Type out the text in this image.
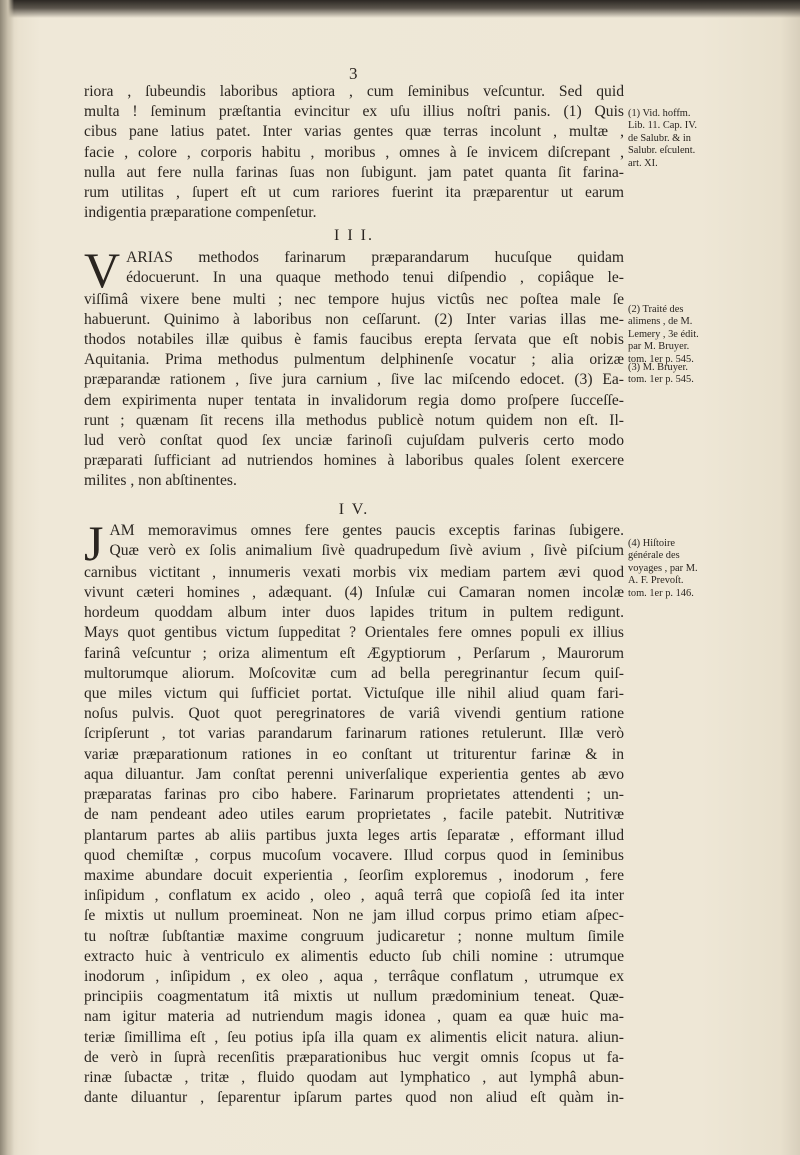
3

riora , ſubeundis laboribus aptiora , cum ſeminibus veſcuntur. Sed quid
multa ! ſeminum præſtantia evincitur ex uſu illius noſtri panis. (1) Quis
cibus pane latius patet. Inter varias gentes quæ terras incolunt , multæ ,
facie , colore , corporis habitu , moribus , omnes à ſe invicem diſcrepant ,
nulla aut fere nulla farinas ſuas non ſubigunt. jam patet quanta ſit farina-
rum utilitas , ſupert eſt ut cum rariores fuerint ita præparentur ut earum
indigentia præparatione compenſetur.

I I I.
V ARIAS methodos farinarum præparandarum hucuſque quidam
édocuerunt. In una quaque methodo tenui diſpendio , copiâque le-
viſſimâ vixere bene multi ; nec tempore hujus victûs nec poſtea male ſe
habuerunt. Quinimo à laboribus non ceſſarunt. (2) Inter varias illas me-
thodos notabiles illæ quibus è famis faucibus erepta ſervata que eſt nobis
Aquitania. Prima methodus pulmentum delphinenſe vocatur ; alia orizæ
præparandæ rationem , ſive jura carnium , ſive lac miſcendo edocet. (3) Ea-
dem expirimenta nuper tentata in invalidorum regia domo proſpere ſucceſſe-
runt ; quænam ſit recens illa methodus publicè notum quidem non eſt. Il-
lud verò conſtat quod ſex unciæ farinoſi cujuſdam pulveris certo modo
præparati ſufficiant ad nutriendos homines à laboribus quales ſolent exercere
milites , non abſtinentes.
I V.
J AM memoravimus omnes fere gentes paucis exceptis farinas ſubigere.
Quæ verò ex ſolis animalium ſivè quadrupedum ſivè avium , ſivè piſcium
carnibus victitant , innumeris vexati morbis vix mediam partem ævi quod
vivunt cæteri homines , adæquant. (4) Inſulæ cui Camaran nomen incolæ
hordeum quoddam album inter duos lapides tritum in pultem redigunt.
Mays quot gentibus victum ſuppeditat ? Orientales fere omnes populi ex illius
farinâ veſcuntur ; oriza alimentum eſt Ægyptiorum , Perſarum , Maurorum
multorumque aliorum. Moſcovitæ cum ad bella peregrinantur ſecum quiſ-
que miles victum qui ſufficiet portat. Victuſque ille nihil aliud quam fari-
noſus pulvis. Quot quot peregrinatores de variâ vivendi gentium ratione
ſcripſerunt , tot varias parandarum farinarum rationes retulerunt. Illæ verò
variæ præparationum rationes in eo conſtant ut triturentur farinæ & in
aqua diluantur. Jam conſtat perenni univerſalique experientia gentes ab ævo
præparatas farinas pro cibo habere. Farinarum proprietates attendenti ; un-
de nam pendeant adeo utiles earum proprietates , facile patebit. Nutritivæ
plantarum partes ab aliis partibus juxta leges artis ſeparatæ , efformant illud
quod chemiſtæ , corpus mucoſum vocavere. Illud corpus quod in ſeminibus
maxime abundare docuit experientia , ſeorſim exploremus , inodorum , fere
inſipidum , conflatum ex acido , oleo , aquâ terrâ que copioſâ ſed ita inter
ſe mixtis ut nullum proemineat. Non ne jam illud corpus primo etiam aſpec-
tu noſtræ ſubſtantiæ maxime congruum judicaretur ; nonne multum ſimile
extracto huic à ventriculo ex alimentis educto ſub chili nomine : utrumque
inodorum , inſipidum , ex oleo , aqua , terrâque conflatum , utrumque ex
principiis coagmentatum itâ mixtis ut nullum prædominium teneat. Quæ-
nam igitur materia ad nutriendum magis idonea , quam ea quæ huic ma-
teriæ ſimillima eſt , ſeu potius ipſa illa quam ex alimentis elicit natura. aliun-
de verò in ſuprà recenſitis præparationibus huc vergit omnis ſcopus ut fa-
rinæ ſubactæ , tritæ , fluido quodam aut lymphatico , aut lymphâ abun-
dante diluantur , ſeparentur ipſarum partes quod non aliud eſt quàm in-
(1) Vid. hoffm.
Lib. 11. Cap. IV.
de Salubr. & in
Salubr. eſculent.
art. XI.
(2) Traité des
alimens , de M.
Lemery , 3e édit.
par M. Bruyer.
tom. 1er p. 545.
(3) M. Bruyer.
tom. 1er p. 545.
(4) Hiſtoire
générale des
voyages , par M.
A. F. Prevoſt.
tom. 1er p. 146.
